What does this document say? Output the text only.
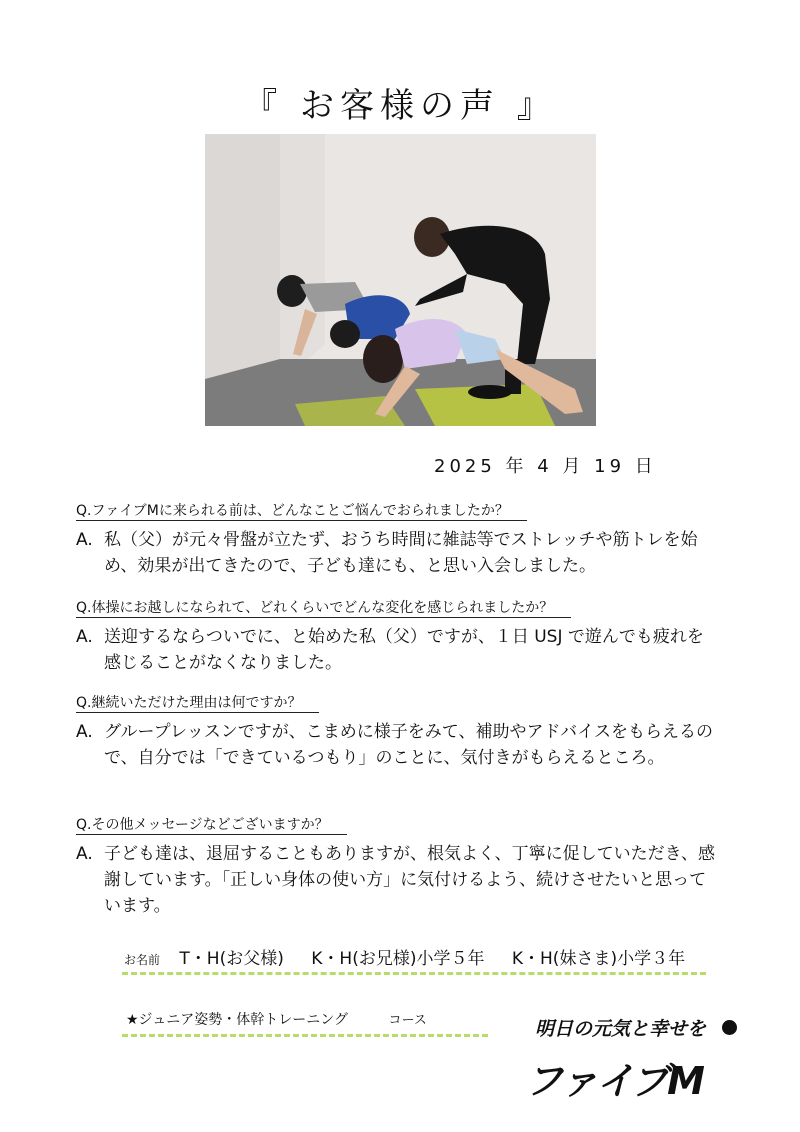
『 お客様の声 』
2025 年 4 月 19 日
Q.ファイブMに来られる前は、どんなことご悩んでおられましたか？
A. 私（父）が元々骨盤が立たず、おうち時間に雑誌等でストレッチや筋トレを始め、効果が出てきたので、子ども達にも、と思い入会しました。
Q.体操にお越しになられて、どれくらいでどんな変化を感じられましたか？
A. 送迎するならついでに、と始めた私（父）ですが、１日 USJ で遊んでも疲れを感じることがなくなりました。
Q.継続いただけた理由は何ですか？
A. グループレッスンですが、こまめに様子をみて、補助やアドバイスをもらえるので、自分では「できているつもり」のことに、気付きがもらえるところ。
Q.その他メッセージなどございますか？
A. 子ども達は、退屈することもありますが、根気よく、丁寧に促していただき、感謝しています。「正しい身体の使い方」に気付けるよう、続けさせたいと思っています。
お名前 T・H(お父様) K・H(お兄様)小学５年 K・H(妹さま)小学３年
★ジュニア姿勢・体幹トレーニング	コース	明日の元気と幸せを
ファイブM
